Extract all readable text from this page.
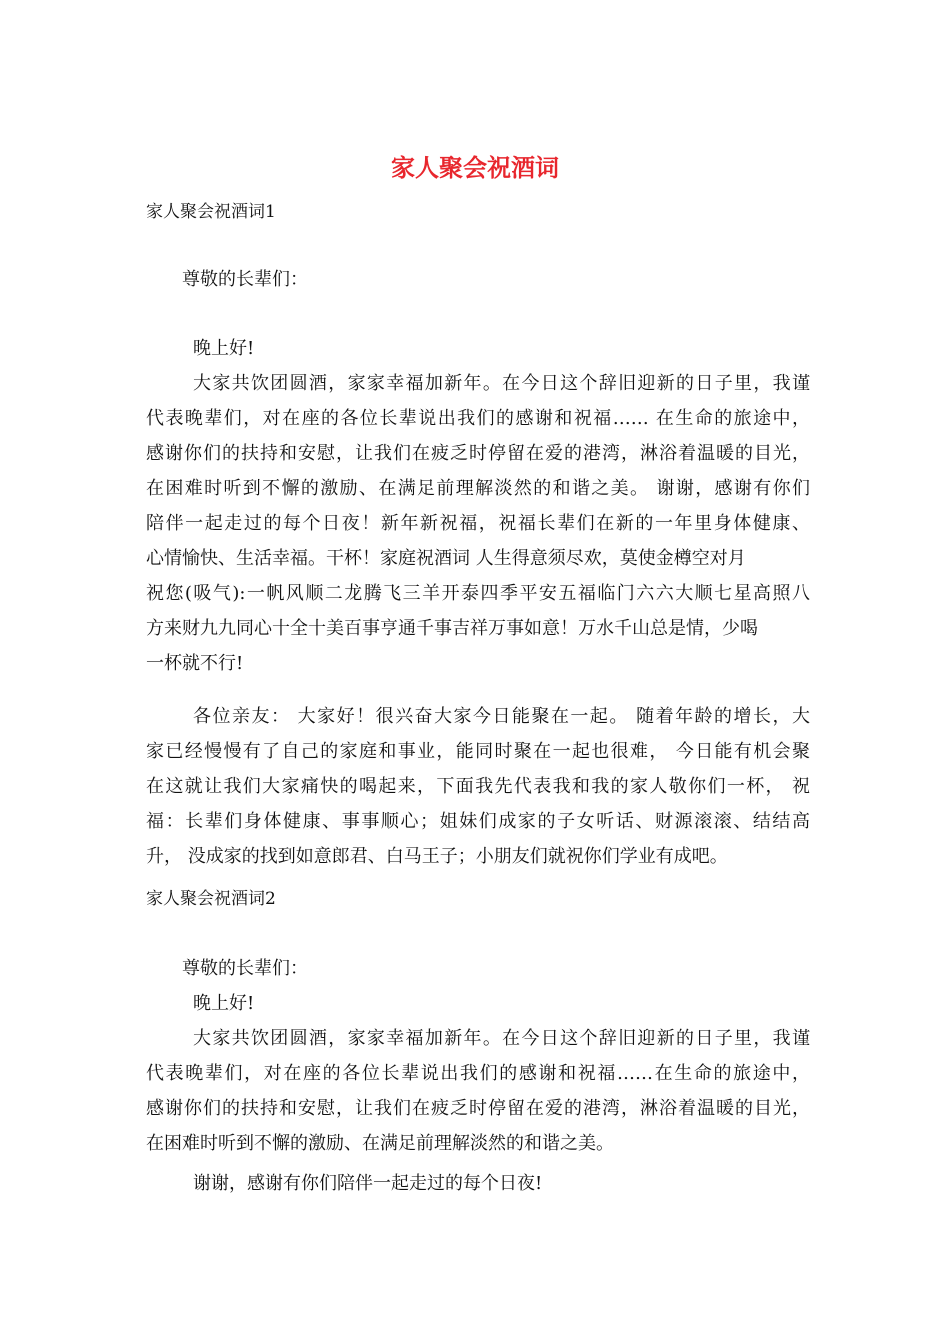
家人聚会祝酒词
家人聚会祝酒词1
尊敬的长辈们：
晚上好!
大家共饮团圆酒，家家幸福加新年。在今日这个辞旧迎新的日子里，我谨
代表晚辈们，对在座的各位长辈说出我们的感谢和祝福…… 在生命的旅途中，
感谢你们的扶持和安慰，让我们在疲乏时停留在爱的港湾，淋浴着温暖的目光，
在困难时听到不懈的激励、在满足前理解淡然的和谐之美。 谢谢，感谢有你们
陪伴一起走过的每个日夜！新年新祝福，祝福长辈们在新的一年里身体健康、
心情愉快、生活幸福。干杯！家庭祝酒词 人生得意须尽欢，莫使金樽空对月
祝您(吸气):一帆风顺二龙腾飞三羊开泰四季平安五福临门六六大顺七星高照八
方来财九九同心十全十美百事亨通千事吉祥万事如意！万水千山总是情，少喝
一杯就不行!
各位亲友： 大家好！很兴奋大家今日能聚在一起。 随着年龄的增长，大
家已经慢慢有了自己的家庭和事业，能同时聚在一起也很难， 今日能有机会聚
在这就让我们大家痛快的喝起来，下面我先代表我和我的家人敬你们一杯， 祝
福：长辈们身体健康、事事顺心；姐妹们成家的子女听话、财源滚滚、结结高
升， 没成家的找到如意郎君、白马王子；小朋友们就祝你们学业有成吧。
家人聚会祝酒词2
尊敬的长辈们：
晚上好!
大家共饮团圆酒，家家幸福加新年。在今日这个辞旧迎新的日子里，我谨
代表晚辈们，对在座的各位长辈说出我们的感谢和祝福……在生命的旅途中，
感谢你们的扶持和安慰，让我们在疲乏时停留在爱的港湾，淋浴着温暖的目光，
在困难时听到不懈的激励、在满足前理解淡然的和谐之美。
谢谢，感谢有你们陪伴一起走过的每个日夜!
